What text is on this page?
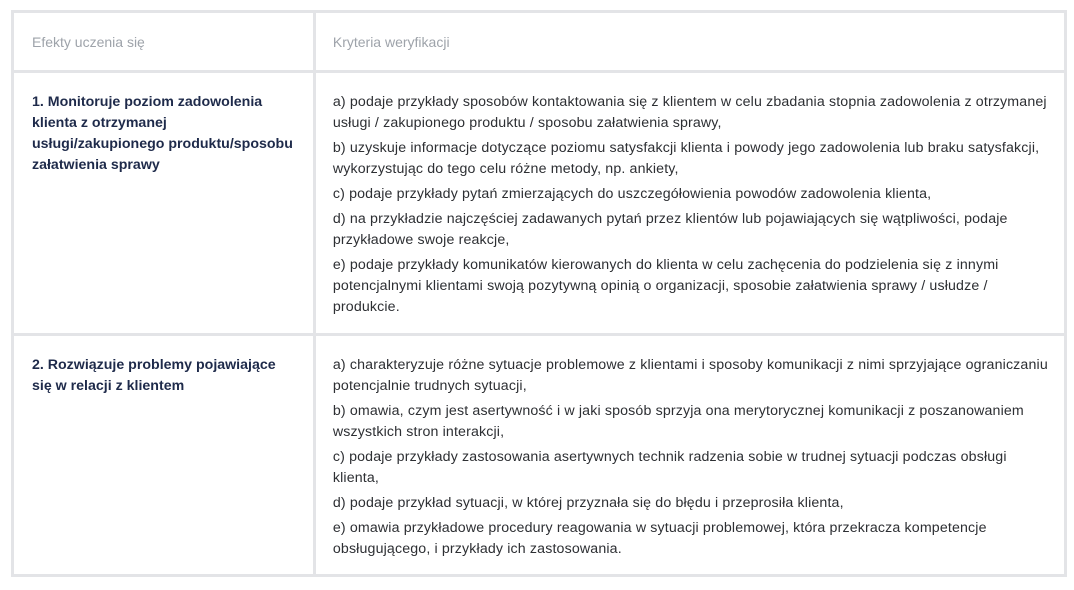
Efekty uczenia się	Kryteria weryfikacji

1. Monitoruje poziom zadowolenia klienta z otrzymanej usługi/zakupionego produktu/sposobu załatwienia sprawy	a) podaje przykłady sposobów kontaktowania się z klientem w celu zbadania stopnia zadowolenia z otrzymanej usługi / zakupionego produktu / sposobu załatwienia sprawy,

b) uzyskuje informacje dotyczące poziomu satysfakcji klienta i powody jego zadowolenia lub braku satysfakcji, wykorzystując do tego celu różne metody, np. ankiety,

c) podaje przykłady pytań zmierzających do uszczegółowienia powodów zadowolenia klienta,

d) na przykładzie najczęściej zadawanych pytań przez klientów lub pojawiających się wątpliwości, podaje przykładowe swoje reakcje,

e) podaje przykłady komunikatów kierowanych do klienta w celu zachęcenia do podzielenia się z innymi potencjalnymi klientami swoją pozytywną opinią o organizacji, sposobie załatwienia sprawy / usłudze / produkcie.

2. Rozwiązuje problemy pojawiające się w relacji z klientem	a) charakteryzuje różne sytuacje problemowe z klientami i sposoby komunikacji z nimi sprzyjające ograniczaniu potencjalnie trudnych sytuacji,

b) omawia, czym jest asertywność i w jaki sposób sprzyja ona merytorycznej komunikacji z poszanowaniem wszystkich stron interakcji,

c) podaje przykłady zastosowania asertywnych technik radzenia sobie w trudnej sytuacji podczas obsługi klienta,

d) podaje przykład sytuacji, w której przyznała się do błędu i przeprosiła klienta,

e) omawia przykładowe procedury reagowania w sytuacji problemowej, która przekracza kompetencje obsługującego, i przykłady ich zastosowania.
